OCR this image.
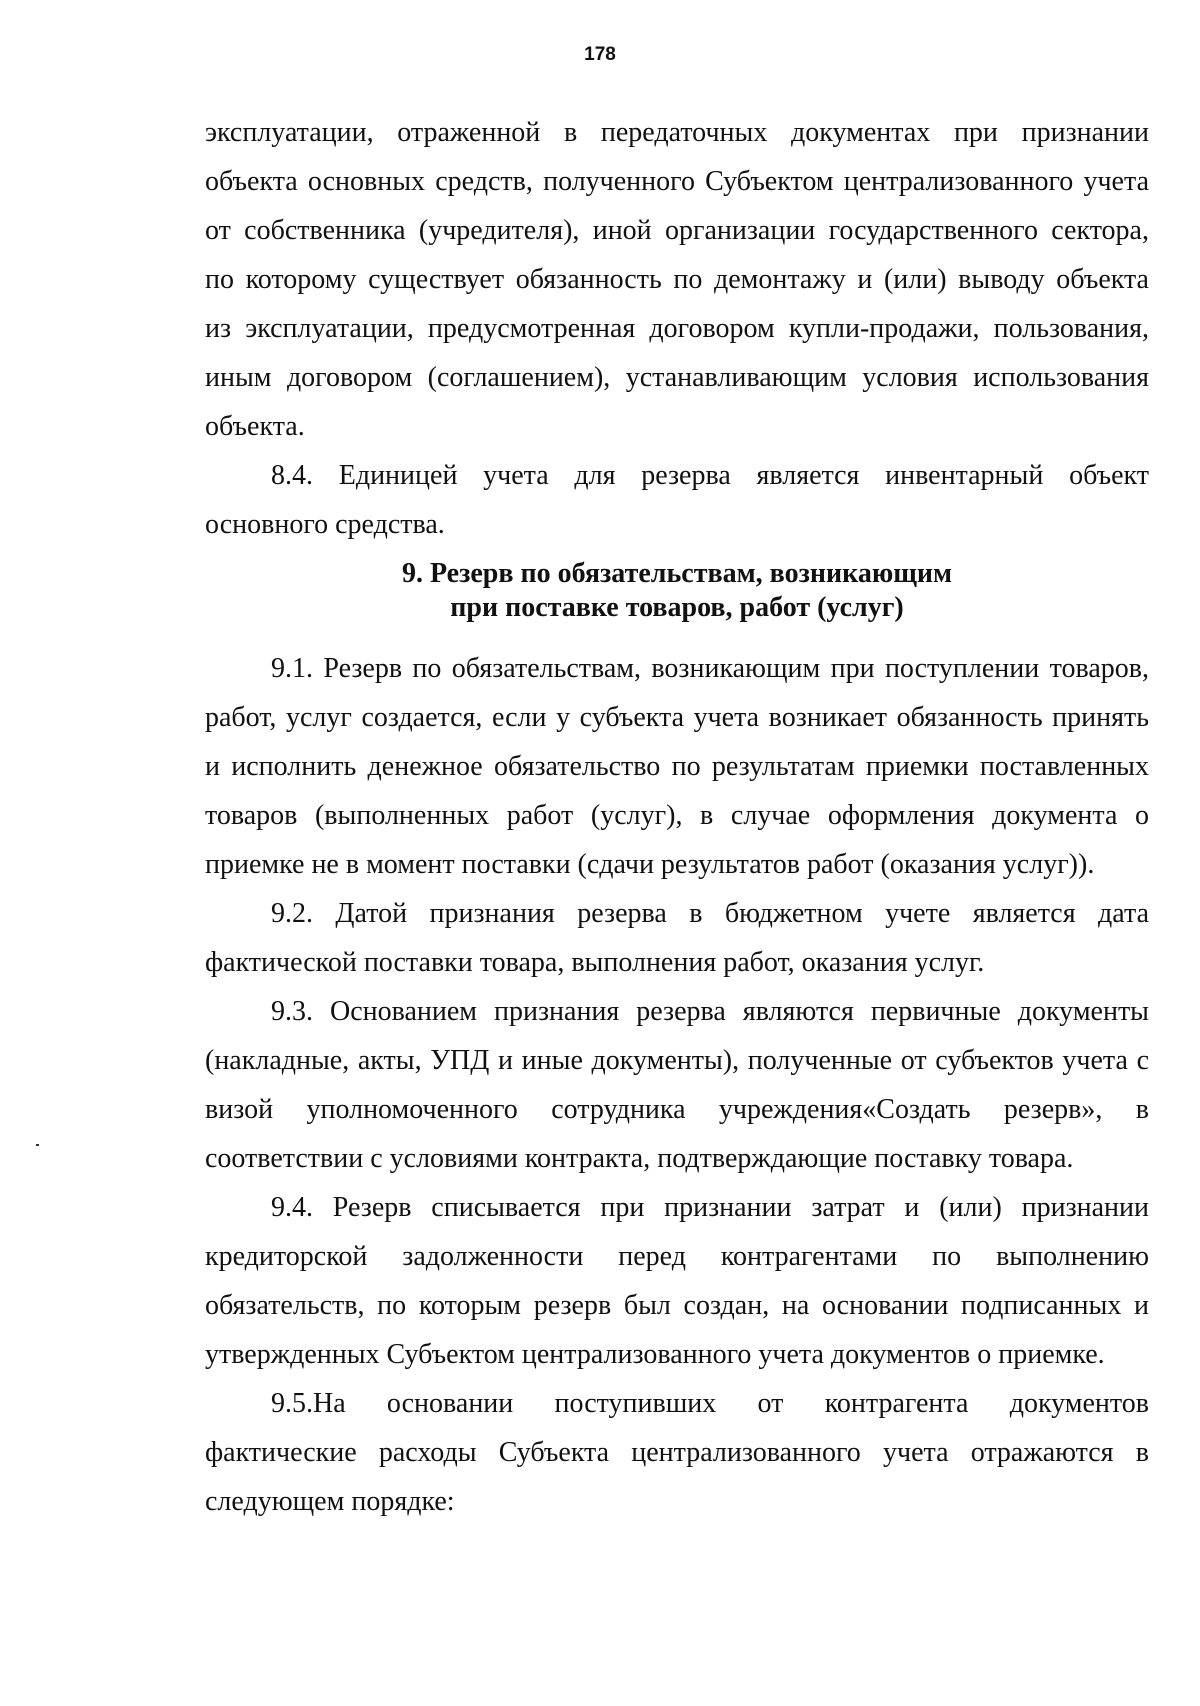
178
эксплуатации, отраженной в передаточных документах при признании
объекта основных средств, полученного Субъектом централизованного учета
от собственника (учредителя), иной организации государственного сектора,
по которому существует обязанность по демонтажу и (или) выводу объекта
из эксплуатации, предусмотренная договором купли-продажи, пользования,
иным договором (соглашением), устанавливающим условия использования
объекта.
8.4. Единицей учета для резерва является инвентарный объект
основного средства.
9. Резерв по обязательствам, возникающим
при поставке товаров, работ (услуг)
9.1. Резерв по обязательствам, возникающим при поступлении товаров,
работ, услуг создается, если у субъекта учета возникает обязанность принять
и исполнить денежное обязательство по результатам приемки поставленных
товаров (выполненных работ (услуг), в случае оформления документа о
приемке не в момент поставки (сдачи результатов работ (оказания услуг)).
9.2. Датой признания резерва в бюджетном учете является дата
фактической поставки товара, выполнения работ, оказания услуг.
9.3. Основанием признания резерва являются первичные документы
(накладные, акты, УПД и иные документы), полученные от субъектов учета с
визой уполномоченного сотрудника учреждения«Создать резерв», в
соответствии с условиями контракта, подтверждающие поставку товара.
9.4. Резерв списывается при признании затрат и (или) признании
кредиторской задолженности перед контрагентами по выполнению
обязательств, по которым резерв был создан, на основании подписанных и
утвержденных Субъектом централизованного учета документов о приемке.
9.5.На основании поступивших от контрагента документов
фактические расходы Субъекта централизованного учета отражаются в
следующем порядке:
